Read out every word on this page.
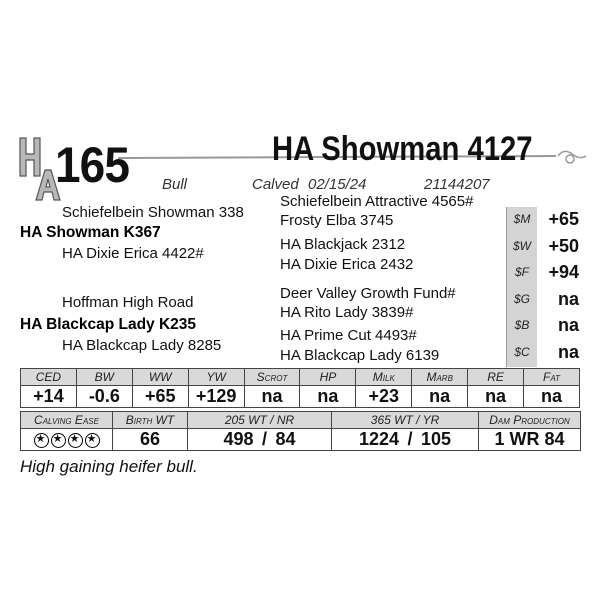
165	HA Showman 4127
Bull	Calved 02/15/24	21144207
Schiefelbein Showman 338
HA Showman K367
HA Dixie Erica 4422#
Hoffman High Road
HA Blackcap Lady K235
HA Blackcap Lady 8285
Schiefelbein Attractive 4565#
Frosty Elba 3745
HA Blackjack 2312
HA Dixie Erica 2432
Deer Valley Growth Fund#
HA Rito Lady 3839#
HA Prime Cut 4493#
HA Blackcap Lady 6139
$M	+65
$W +50
$F	+94
$G	na
$B	na
$C	na
CED	BW	WW	YW	Scrot	HP	Milk	Marb	RE	Fat
+14	-0.6	+65	+129	na	na	+23	na	na	na
Calving Ease	Birth WT	205 WT / NR	365 WT / YR	Dam Production
★★★★	66	498 / 84	1224 / 105	1 WR 84
High gaining heifer bull.
